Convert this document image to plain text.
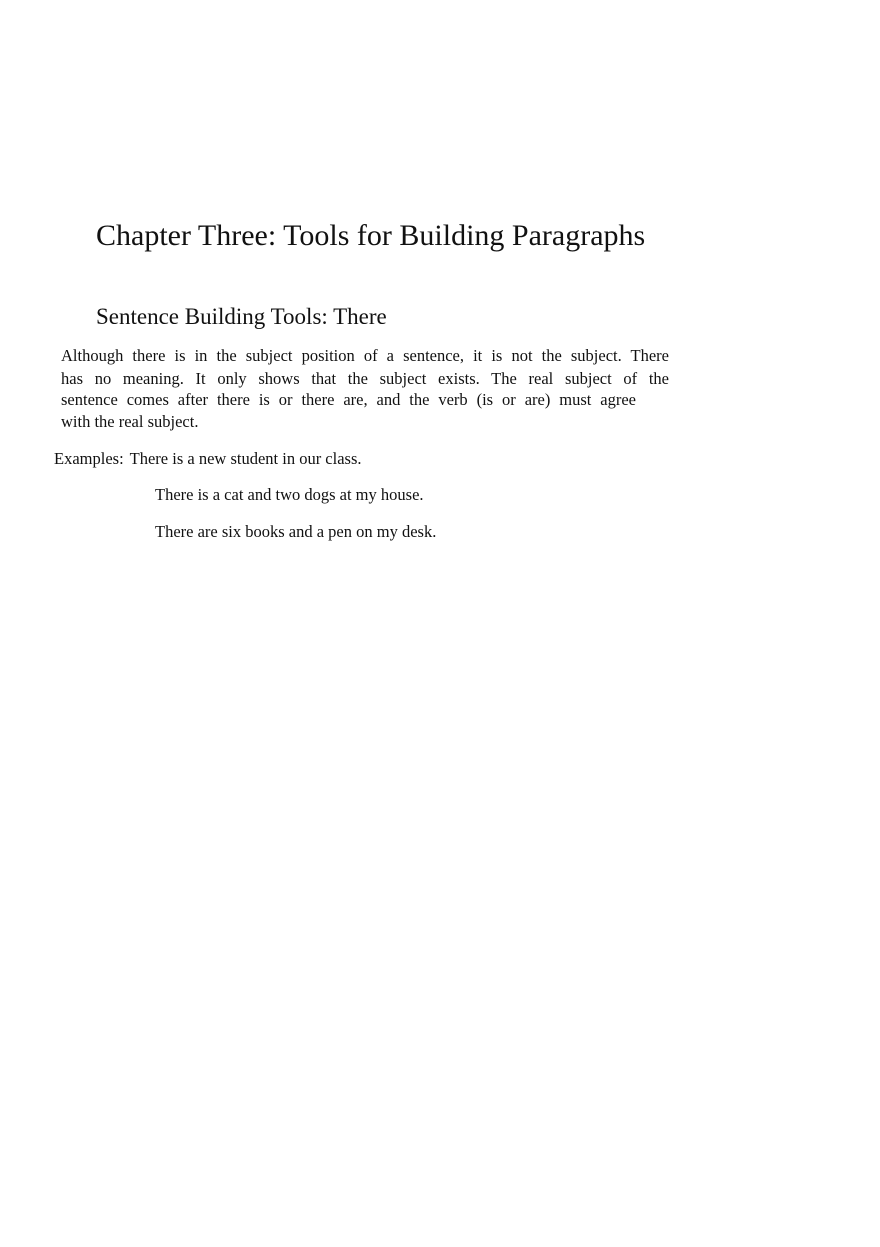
Chapter Three: Tools for Building Paragraphs
Sentence Building Tools: There

Although there is in the subject position of a sentence, it is not the subject. There

has no meaning. It only shows that the subject exists. The real subject of the

sentence comes after there is or there are, and the verb (is or are) must agree

with the real subject.

Examples: There is a new student in our class.

There is a cat and two dogs at my house.

There are six books and a pen on my desk.
